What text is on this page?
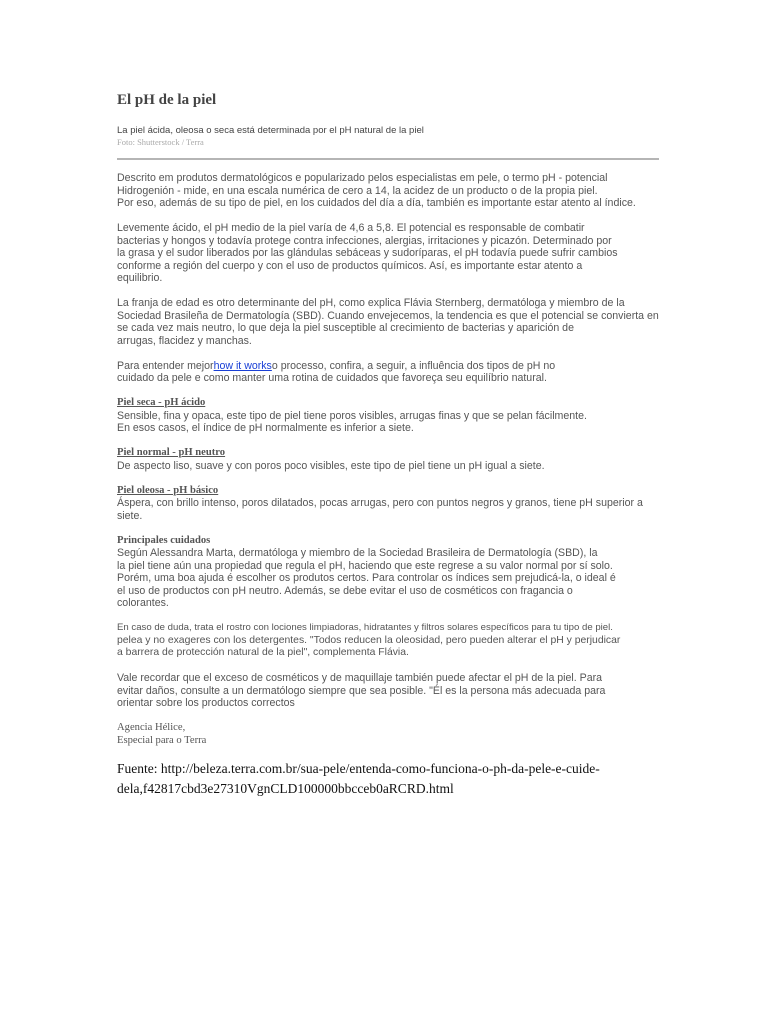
El pH de la piel

La piel ácida, oleosa o seca está determinada por el pH natural de la piel

Foto: Shutterstock / Terra

Descrito em produtos dermatológicos e popularizado pelos especialistas em pele, o termo pH - potencial
Hidrogenión - mide, en una escala numérica de cero a 14, la acidez de un producto o de la propia piel.
Por eso, además de su tipo de piel, en los cuidados del día a día, también es importante estar atento al índice.
Levemente ácido, el pH medio de la piel varía de 4,6 a 5,8. El potencial es responsable de combatir
bacterias y hongos y todavía protege contra infecciones, alergias, irritaciones y picazón. Determinado por
la grasa y el sudor liberados por las glándulas sebáceas y sudoríparas, el pH todavía puede sufrir cambios
conforme a región del cuerpo y con el uso de productos químicos. Así, es importante estar atento a
equilibrio.
La franja de edad es otro determinante del pH, como explica Flávia Sternberg, dermatóloga y miembro de la
Sociedad Brasileña de Dermatología (SBD). Cuando envejecemos, la tendencia es que el potencial se convierta en
se cada vez mais neutro, lo que deja la piel susceptible al crecimiento de bacterias y aparición de
arrugas, flacidez y manchas.
Para entender mejorhow it workso processo, confira, a seguir, a influência dos tipos de pH no
cuidado da pele e como manter uma rotina de cuidados que favoreça seu equilíbrio natural.
Piel seca - pH ácido
Sensible, fina y opaca, este tipo de piel tiene poros visibles, arrugas finas y que se pelan fácilmente.
En esos casos, el índice de pH normalmente es inferior a siete.
Piel normal - pH neutro
De aspecto liso, suave y con poros poco visibles, este tipo de piel tiene un pH igual a siete.
Piel oleosa - pH básico
Áspera, con brillo intenso, poros dilatados, pocas arrugas, pero con puntos negros y granos, tiene pH superior a
siete.
Principales cuidados
Según Alessandra Marta, dermatóloga y miembro de la Sociedad Brasileira de Dermatología (SBD), la
la piel tiene aún una propiedad que regula el pH, haciendo que este regrese a su valor normal por sí solo.
Porém, uma boa ajuda é escolher os produtos certos. Para controlar os índices sem prejudicá-la, o ideal é
el uso de productos con pH neutro. Además, se debe evitar el uso de cosméticos con fragancia o
colorantes.
En caso de duda, trata el rostro con lociones limpiadoras, hidratantes y filtros solares específicos para tu tipo de piel.
pelea y no exageres con los detergentes. "Todos reducen la oleosidad, pero pueden alterar el pH y perjudicar
a barrera de protección natural de la piel", complementa Flávia.
Vale recordar que el exceso de cosméticos y de maquillaje también puede afectar el pH de la piel. Para
evitar daños, consulte a un dermatólogo siempre que sea posible. "Él es la persona más adecuada para
orientar sobre los productos correctos
Agencia Hélice,
Especial para o Terra
Fuente: http://beleza.terra.com.br/sua-pele/entenda-como-funciona-o-ph-da-pele-e-cuide-
dela,f42817cbd3e27310VgnCLD100000bbcceb0aRCRD.html
